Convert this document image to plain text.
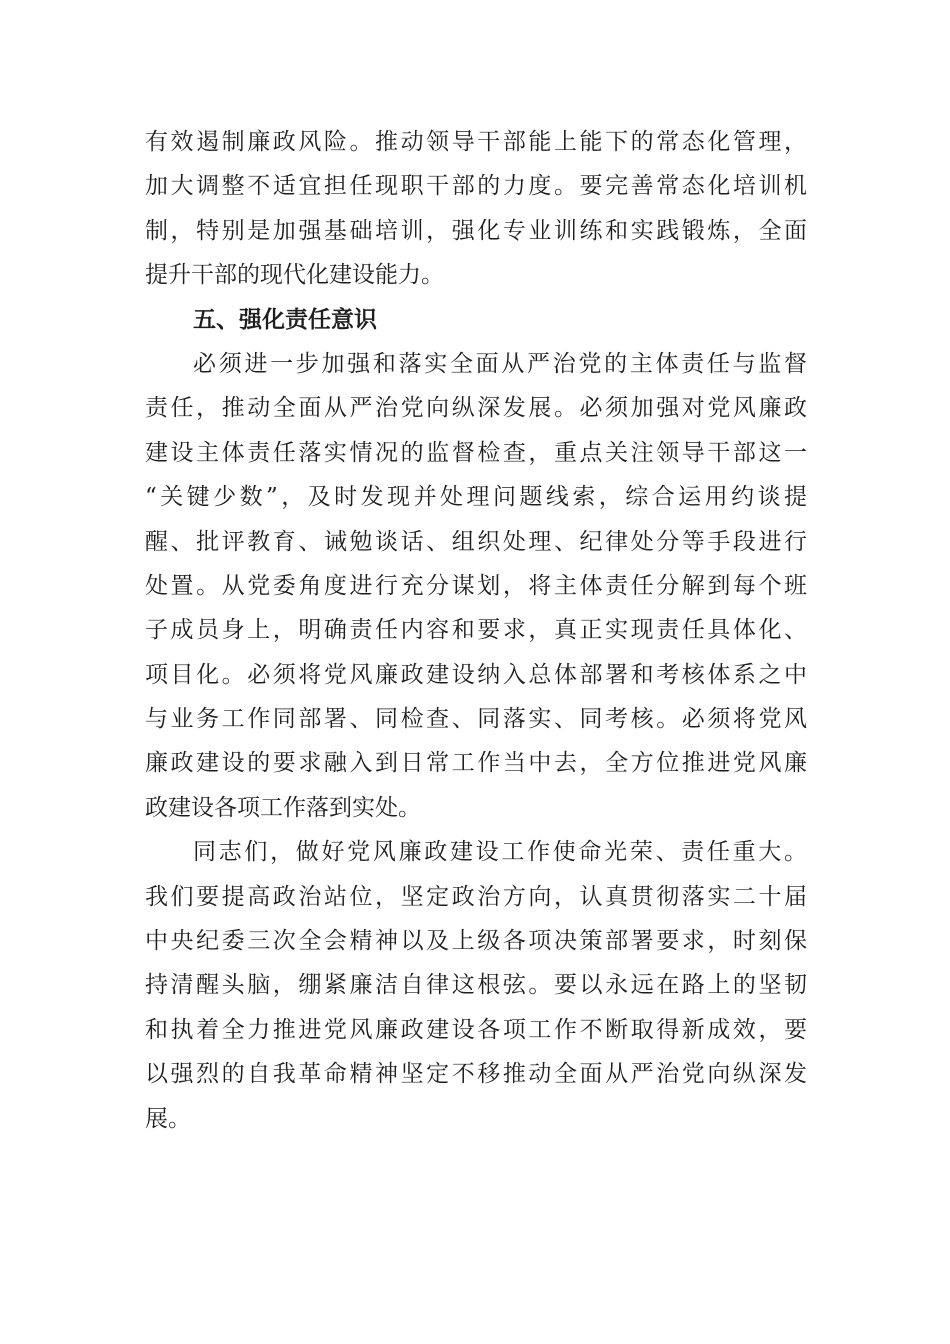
有效遏制廉政风险。推动领导干部能上能下的常态化管理，
加大调整不适宜担任现职干部的力度。要完善常态化培训机
制，特别是加强基础培训，强化专业训练和实践锻炼，全面
提升干部的现代化建设能力。
五、强化责任意识
必须进一步加强和落实全面从严治党的主体责任与监督
责任，推动全面从严治党向纵深发展。必须加强对党风廉政
建设主体责任落实情况的监督检查，重点关注领导干部这一
“关键少数”，及时发现并处理问题线索，综合运用约谈提
醒、批评教育、诫勉谈话、组织处理、纪律处分等手段进行
处置。从党委角度进行充分谋划，将主体责任分解到每个班
子成员身上，明确责任内容和要求，真正实现责任具体化、
项目化。必须将党风廉政建设纳入总体部署和考核体系之中
与业务工作同部署、同检查、同落实、同考核。必须将党风
廉政建设的要求融入到日常工作当中去，全方位推进党风廉
政建设各项工作落到实处。
同志们，做好党风廉政建设工作使命光荣、责任重大。
我们要提高政治站位，坚定政治方向，认真贯彻落实二十届
中央纪委三次全会精神以及上级各项决策部署要求，时刻保
持清醒头脑，绷紧廉洁自律这根弦。要以永远在路上的坚韧
和执着全力推进党风廉政建设各项工作不断取得新成效，要
以强烈的自我革命精神坚定不移推动全面从严治党向纵深发
展。
